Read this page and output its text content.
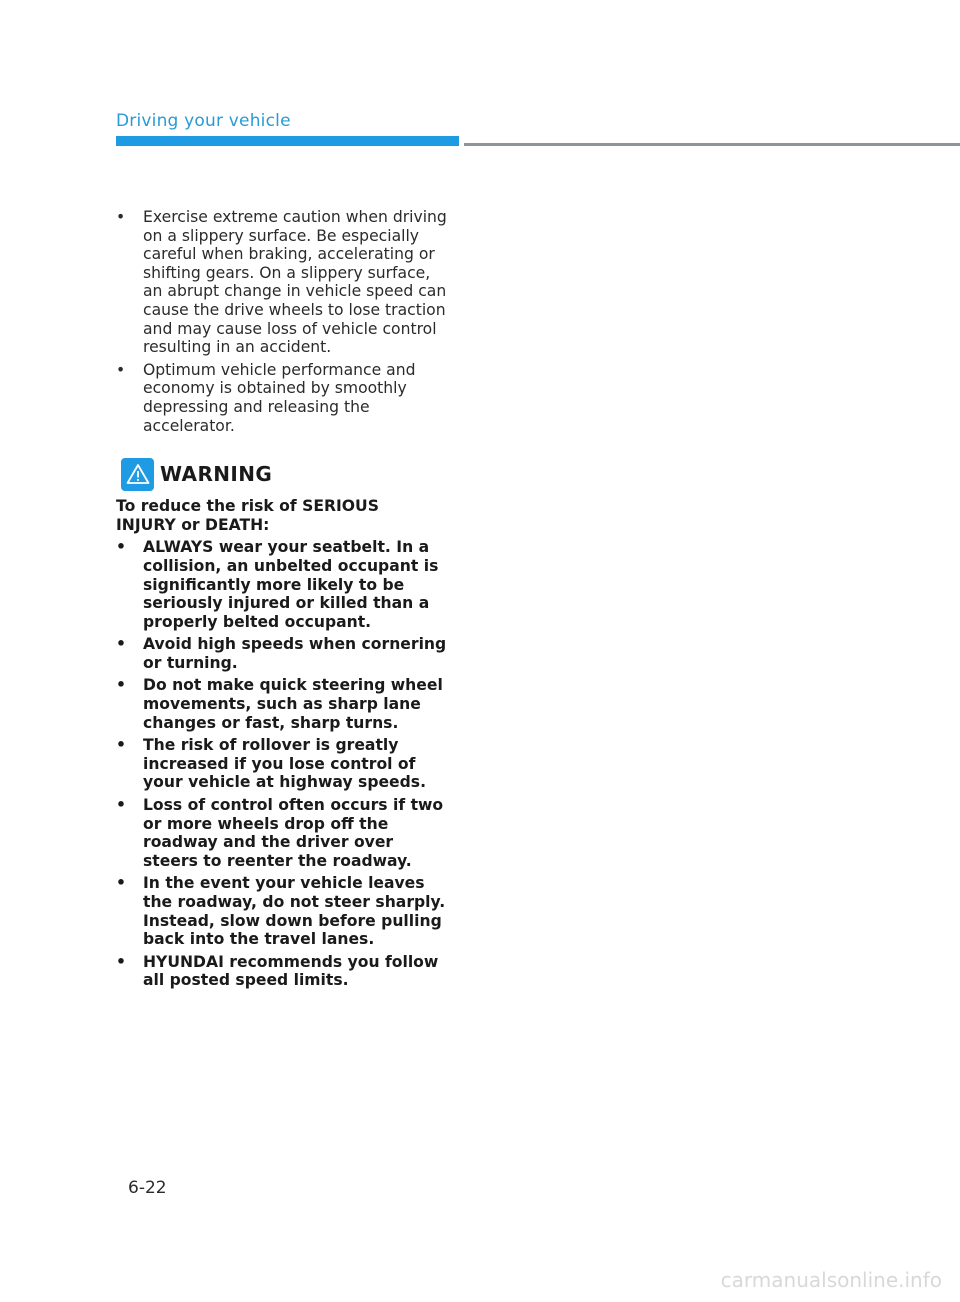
Driving your vehicle
•	Exercise extreme caution when driving on a slippery surface. Be especially careful when braking, accelerating or shifting gears. On a slippery surface, an abrupt change in vehicle speed can cause the drive wheels to lose traction and may cause loss of vehicle control resulting in an accident.
•	Optimum vehicle performance and economy is obtained by smoothly depressing and releasing the accelerator.
WARNING
To reduce the risk of SERIOUS INJURY or DEATH:
• ALWAYS wear your seatbelt. In a collision, an unbelted occupant is significantly more likely to be seriously injured or killed than a properly belted occupant.
• Avoid high speeds when cornering or turning.
• Do not make quick steering wheel movements, such as sharp lane changes or fast, sharp turns.
• The risk of rollover is greatly increased if you lose control of your vehicle at highway speeds.
• Loss of control often occurs if two or more wheels drop off the roadway and the driver over steers to reenter the roadway.
• In the event your vehicle leaves the roadway, do not steer sharply. Instead, slow down before pulling back into the travel lanes.
• HYUNDAI recommends you follow all posted speed limits.
6-22
carmanualsonline.info
